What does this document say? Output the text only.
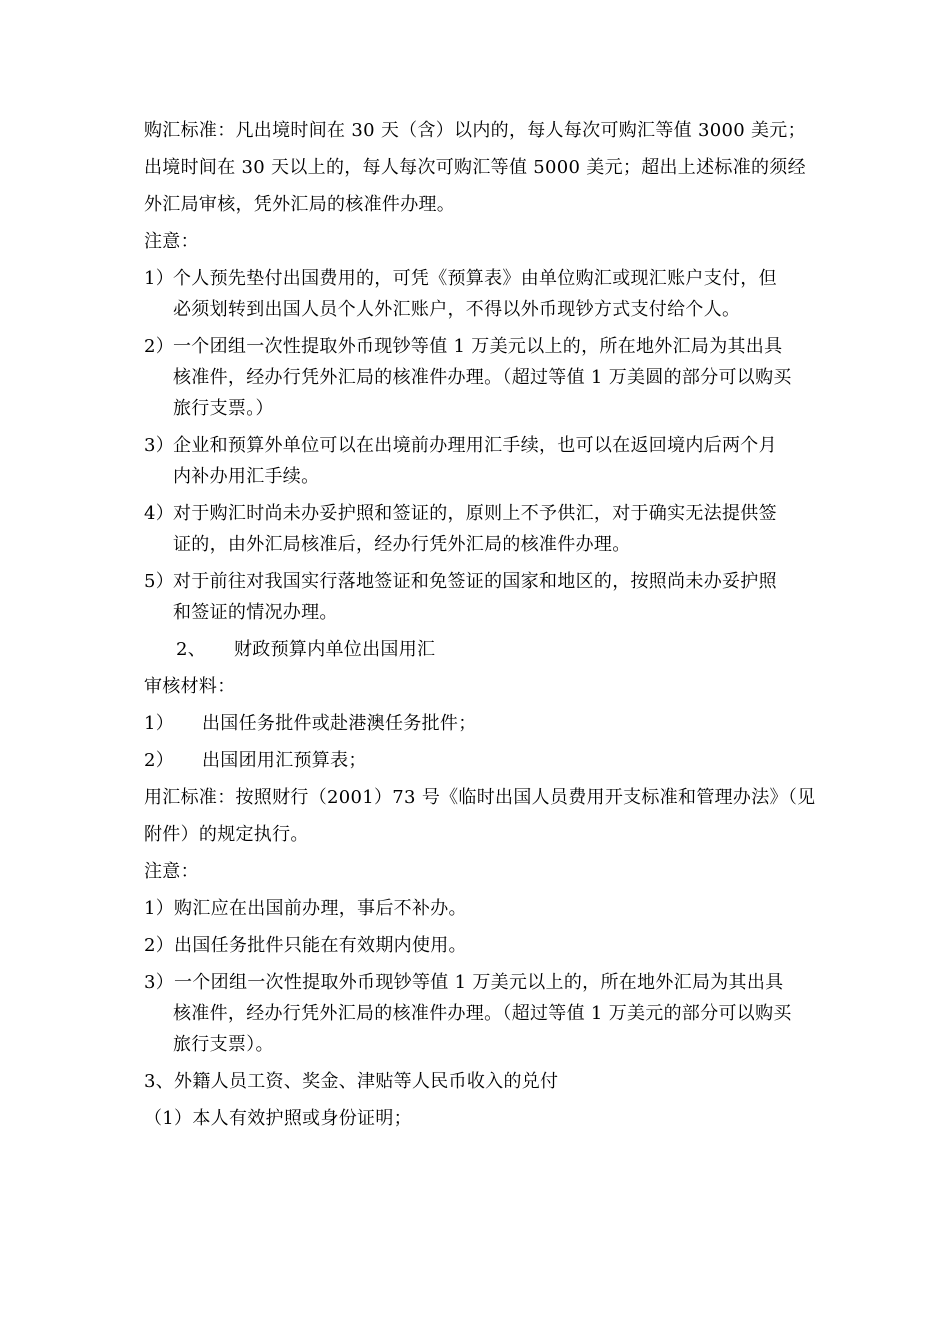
购汇标准：凡出境时间在 30 天（含）以内的，每人每次可购汇等值 3000 美元；

出境时间在 30 天以上的，每人每次可购汇等值 5000 美元；超出上述标准的须经

外汇局审核，凭外汇局的核准件办理。

注意：

1）个人预先垫付出国费用的，可凭《预算表》由单位购汇或现汇账户支付，但

必须划转到出国人员个人外汇账户，不得以外币现钞方式支付给个人。

2）一个团组一次性提取外币现钞等值 1 万美元以上的，所在地外汇局为其出具

核准件，经办行凭外汇局的核准件办理。（超过等值 1 万美圆的部分可以购买

旅行支票。）

3）企业和预算外单位可以在出境前办理用汇手续，也可以在返回境内后两个月

内补办用汇手续。

4）对于购汇时尚未办妥护照和签证的，原则上不予供汇，对于确实无法提供签

证的，由外汇局核准后，经办行凭外汇局的核准件办理。

5）对于前往对我国实行落地签证和免签证的国家和地区的，按照尚未办妥护照

和签证的情况办理。

2、 财政预算内单位出国用汇

审核材料：

1） 出国任务批件或赴港澳任务批件；

2） 出国团用汇预算表；

用汇标准：按照财行（2001）73 号《临时出国人员费用开支标准和管理办法》（见

附件）的规定执行。

注意：

1）购汇应在出国前办理，事后不补办。

2）出国任务批件只能在有效期内使用。

3）一个团组一次性提取外币现钞等值 1 万美元以上的，所在地外汇局为其出具

核准件，经办行凭外汇局的核准件办理。（超过等值 1 万美元的部分可以购买

旅行支票）。

3、外籍人员工资、奖金、津贴等人民币收入的兑付

（1）本人有效护照或身份证明；
